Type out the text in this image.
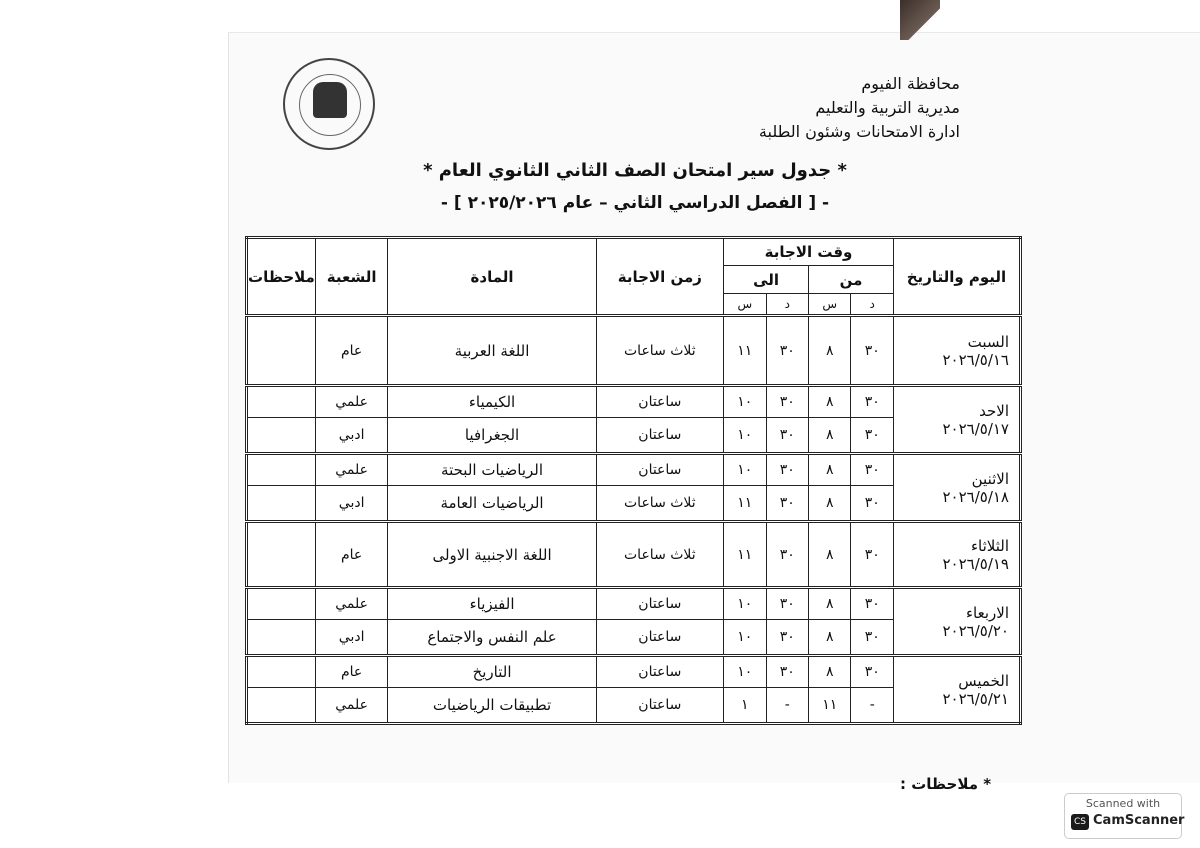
محافظة الفيوم
مديرية التربية والتعليم
ادارة الامتحانات وشئون الطلبة
* جدول سير امتحان الصف الثاني الثانوي العام *
- [ الفصل الدراسي الثاني – عام ٢٠٢٥/٢٠٢٦ ] -
اليوم والتاريخ	وقت الاجابة				زمن الاجابة	المادة	الشعبة	ملاحظات
	من		الى					
	د	س	د	س				

السبت
٢٠٢٦/٥/١٦	٣٠	٨	٣٠	١١	ثلاث ساعات	اللغة العربية	عام	

الاحد
٢٠٢٦/٥/١٧	٣٠	٨	٣٠	١٠	ساعتان	الكيمياء	علمي	
	٣٠	٨	٣٠	١٠	ساعتان	الجغرافيا	ادبي	

الاثنين
٢٠٢٦/٥/١٨	٣٠	٨	٣٠	١٠	ساعتان	الرياضيات البحتة	علمي	
	٣٠	٨	٣٠	١١	ثلاث ساعات	الرياضيات العامة	ادبي	

الثلاثاء
٢٠٢٦/٥/١٩	٣٠	٨	٣٠	١١	ثلاث ساعات	اللغة الاجنبية الاولى	عام	

الاربعاء
٢٠٢٦/٥/٢٠	٣٠	٨	٣٠	١٠	ساعتان	الفيزياء	علمي	
	٣٠	٨	٣٠	١٠	ساعتان	علم النفس والاجتماع	ادبي	

الخميس
٢٠٢٦/٥/٢١	٣٠	٨	٣٠	١٠	ساعتان	التاريخ	عام	
	-	١١	-	١	ساعتان	تطبيقات الرياضيات	علمي	
* ملاحظات :
Scanned with
CS CamScanner
